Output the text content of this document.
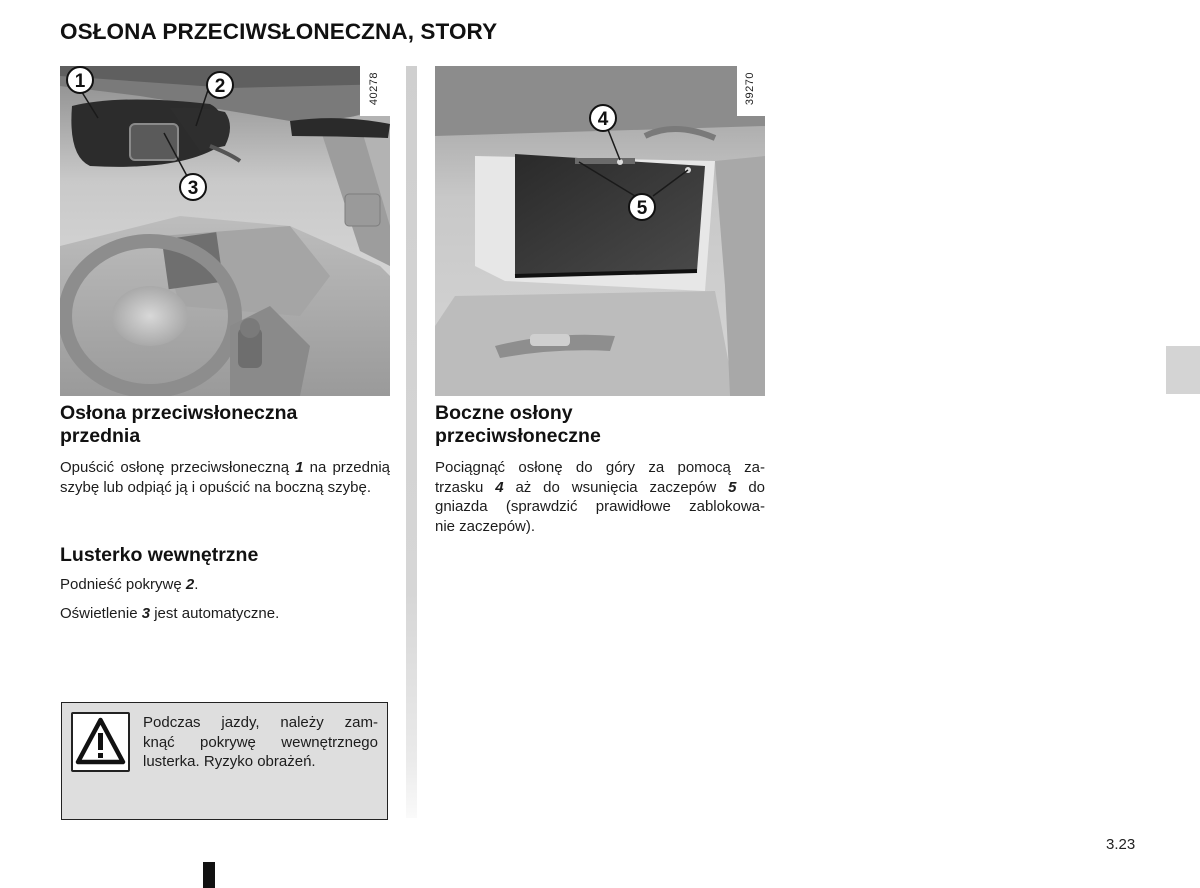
OSŁONA PRZECIWSŁONECZNA, STORY
1	2
3
40278
4
5
39270
Osłona przeciwsłoneczna
przednia

Opuścić osłonę przeciwsłoneczną 1 na przednią szybę lub odpiąć ją i opuścić na boczną szybę.

Lusterko wewnętrzne

Podnieść pokrywę 2.

Oświetlenie 3 jest automatyczne.

Podczas jazdy, należy zam-

knąć pokrywę wewnętrznego

lusterka. Ryzyko obrażeń.

Boczne osłony
przeciwsłoneczne

Pociągnąć osłonę do góry za pomocą za-

trzasku 4 aż do wsunięcia zaczepów 5 do

gniazda (sprawdzić prawidłowe zablokowa-

nie zaczepów).

3.23
